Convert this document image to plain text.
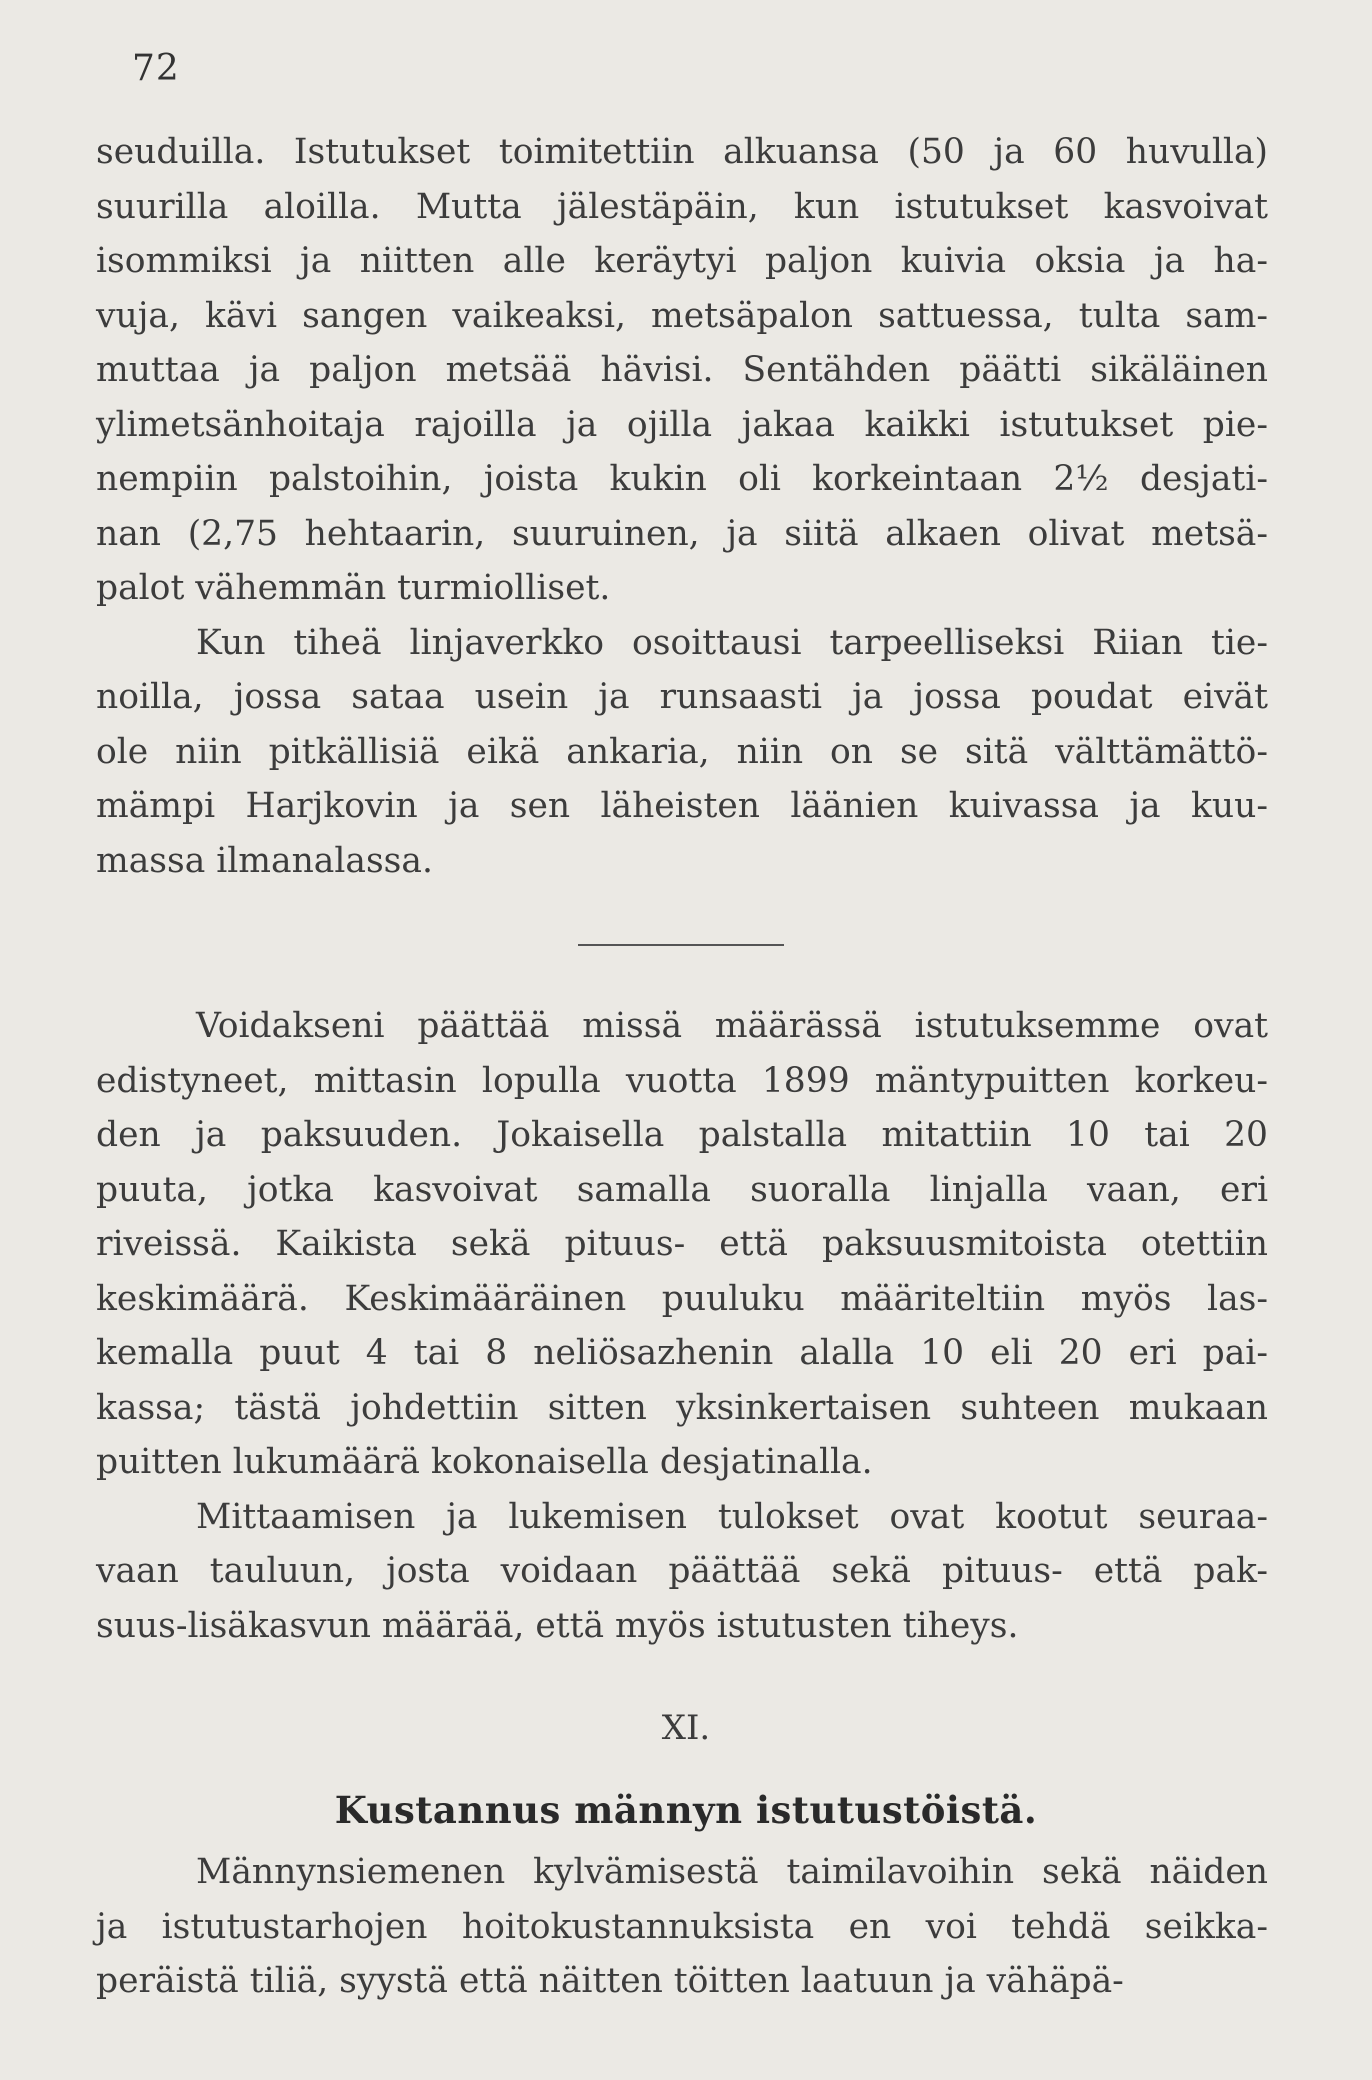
72
seuduilla. Istutukset toimitettiin alkuansa (50 ja 60 huvulla)
suurilla aloilla. Mutta jälestäpäin, kun istutukset kasvoivat
isommiksi ja niitten alle keräytyi paljon kuivia oksia ja ha-
vuja, kävi sangen vaikeaksi, metsäpalon sattuessa, tulta sam-
muttaa ja paljon metsää hävisi. Sentähden päätti sikäläinen
ylimetsänhoitaja rajoilla ja ojilla jakaa kaikki istutukset pie-
nempiin palstoihin, joista kukin oli korkeintaan 2½ desjati-
nan (2,75 hehtaarin, suuruinen, ja siitä alkaen olivat metsä-
palot vähemmän turmiolliset.
Kun tiheä linjaverkko osoittausi tarpeelliseksi Riian tie-
noilla, jossa sataa usein ja runsaasti ja jossa poudat eivät
ole niin pitkällisiä eikä ankaria, niin on se sitä välttämättö-
mämpi Harjkovin ja sen läheisten läänien kuivassa ja kuu-
massa ilmanalassa.
Voidakseni päättää missä määrässä istutuksemme ovat
edistyneet, mittasin lopulla vuotta 1899 mäntypuitten korkeu-
den ja paksuuden. Jokaisella palstalla mitattiin 10 tai 20
puuta, jotka kasvoivat samalla suoralla linjalla vaan, eri
riveissä. Kaikista sekä pituus- että paksuusmitoista otettiin
keskimäärä. Keskimääräinen puuluku määriteltiin myös las-
kemalla puut 4 tai 8 neliösazhenin alalla 10 eli 20 eri pai-
kassa; tästä johdettiin sitten yksinkertaisen suhteen mukaan
puitten lukumäärä kokonaisella desjatinalla.
Mittaamisen ja lukemisen tulokset ovat kootut seuraa-
vaan tauluun, josta voidaan päättää sekä pituus- että pak-
suus-lisäkasvun määrää, että myös istutusten tiheys.
XI.
Kustannus männyn istutustöistä.
Männynsiemenen kylvämisestä taimilavoihin sekä näiden
ja istutustarhojen hoitokustannuksista en voi tehdä seikka-
peräistä tiliä, syystä että näitten töitten laatuun ja vähäpä-
